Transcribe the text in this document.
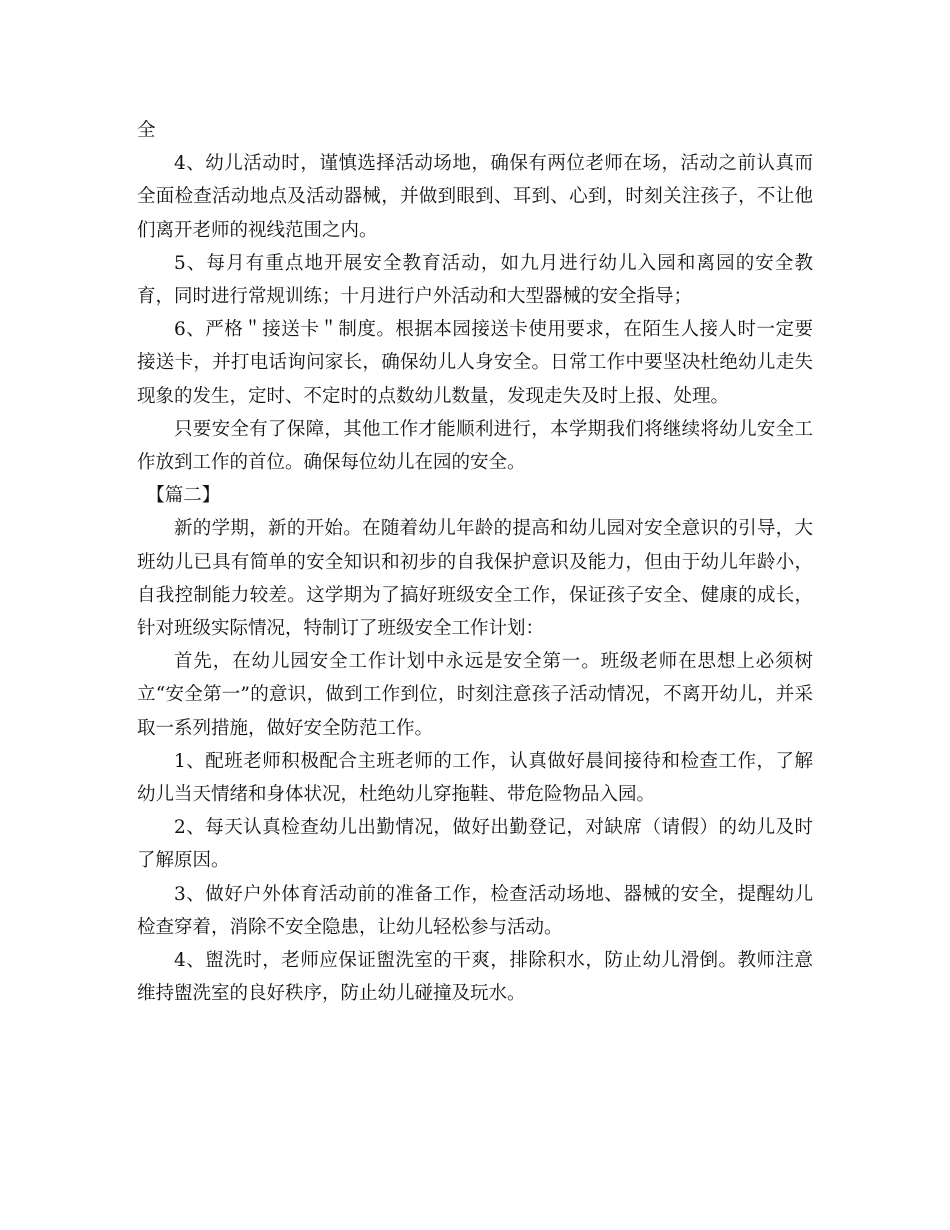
全

4、幼儿活动时，谨慎选择活动场地，确保有两位老师在场，活动之前认真而全面检查活动地点及活动器械，并做到眼到、耳到、心到，时刻关注孩子，不让他们离开老师的视线范围之内。

5、每月有重点地开展安全教育活动，如九月进行幼儿入园和离园的安全教育，同时进行常规训练；十月进行户外活动和大型器械的安全指导；

6、严格＂接送卡＂制度。根据本园接送卡使用要求，在陌生人接人时一定要接送卡，并打电话询问家长，确保幼儿人身安全。日常工作中要坚决杜绝幼儿走失现象的发生，定时、不定时的点数幼儿数量，发现走失及时上报、处理。

只要安全有了保障，其他工作才能顺利进行，本学期我们将继续将幼儿安全工作放到工作的首位。确保每位幼儿在园的安全。

【篇二】

新的学期，新的开始。在随着幼儿年龄的提高和幼儿园对安全意识的引导，大班幼儿已具有简单的安全知识和初步的自我保护意识及能力，但由于幼儿年龄小，自我控制能力较差。这学期为了搞好班级安全工作，保证孩子安全、健康的成长，针对班级实际情况，特制订了班级安全工作计划：

首先，在幼儿园安全工作计划中永远是安全第一。班级老师在思想上必须树立“安全第一”的意识，做到工作到位，时刻注意孩子活动情况，不离开幼儿，并采取一系列措施，做好安全防范工作。

1、配班老师积极配合主班老师的工作，认真做好晨间接待和检查工作，了解幼儿当天情绪和身体状况，杜绝幼儿穿拖鞋、带危险物品入园。

2、每天认真检查幼儿出勤情况，做好出勤登记，对缺席（请假）的幼儿及时了解原因。

3、做好户外体育活动前的准备工作，检查活动场地、器械的安全，提醒幼儿检查穿着，消除不安全隐患，让幼儿轻松参与活动。

4、盥洗时，老师应保证盥洗室的干爽，排除积水，防止幼儿滑倒。教师注意维持盥洗室的良好秩序，防止幼儿碰撞及玩水。
